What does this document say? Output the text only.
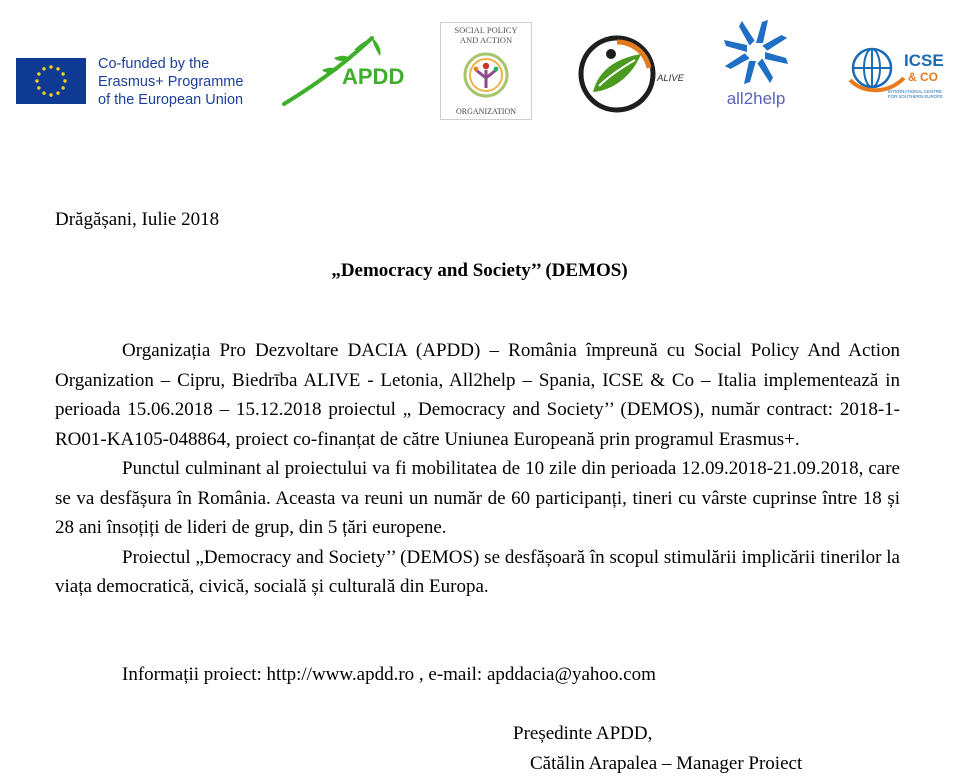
Co-funded by the
Erasmus+ Programme
of the European Union
APDD
SOCIAL POLICY
AND ACTION
ORGANIZATION
ALIVE
all2help
ICSE
& CO
INTERNATIONAL CENTRE
FOR SOUTHERN EUROPE
Drăgășani, Iulie 2018
„Democracy and Society’’ (DEMOS)

Organizația Pro Dezvoltare DACIA (APDD) – România împreună cu Social Policy And Action Organization – Cipru, Biedrība ALIVE - Letonia, All2help – Spania, ICSE & Co – Italia implementează in perioada 15.06.2018 – 15.12.2018 proiectul „ Democracy and Society’’ (DEMOS), număr contract: 2018-1-RO01-KA105-048864, proiect co-finanțat de către Uniunea Europeană prin programul Erasmus+.

Punctul culminant al proiectului va fi mobilitatea de 10 zile din perioada 12.09.2018-21.09.2018, care se va desfășura în România. Aceasta va reuni un număr de 60 participanți, tineri cu vârste cuprinse între 18 și 28 ani însoțiți de lideri de grup, din 5 țări europene.

Proiectul „Democracy and Society’’ (DEMOS) se desfășoară în scopul stimulării implicării tinerilor la viața democratică, civică, socială și culturală din Europa.

Informații proiect: http://www.apdd.ro , e-mail: apddacia@yahoo.com
Președinte APDD,
Cătălin Arapalea – Manager Proiect
